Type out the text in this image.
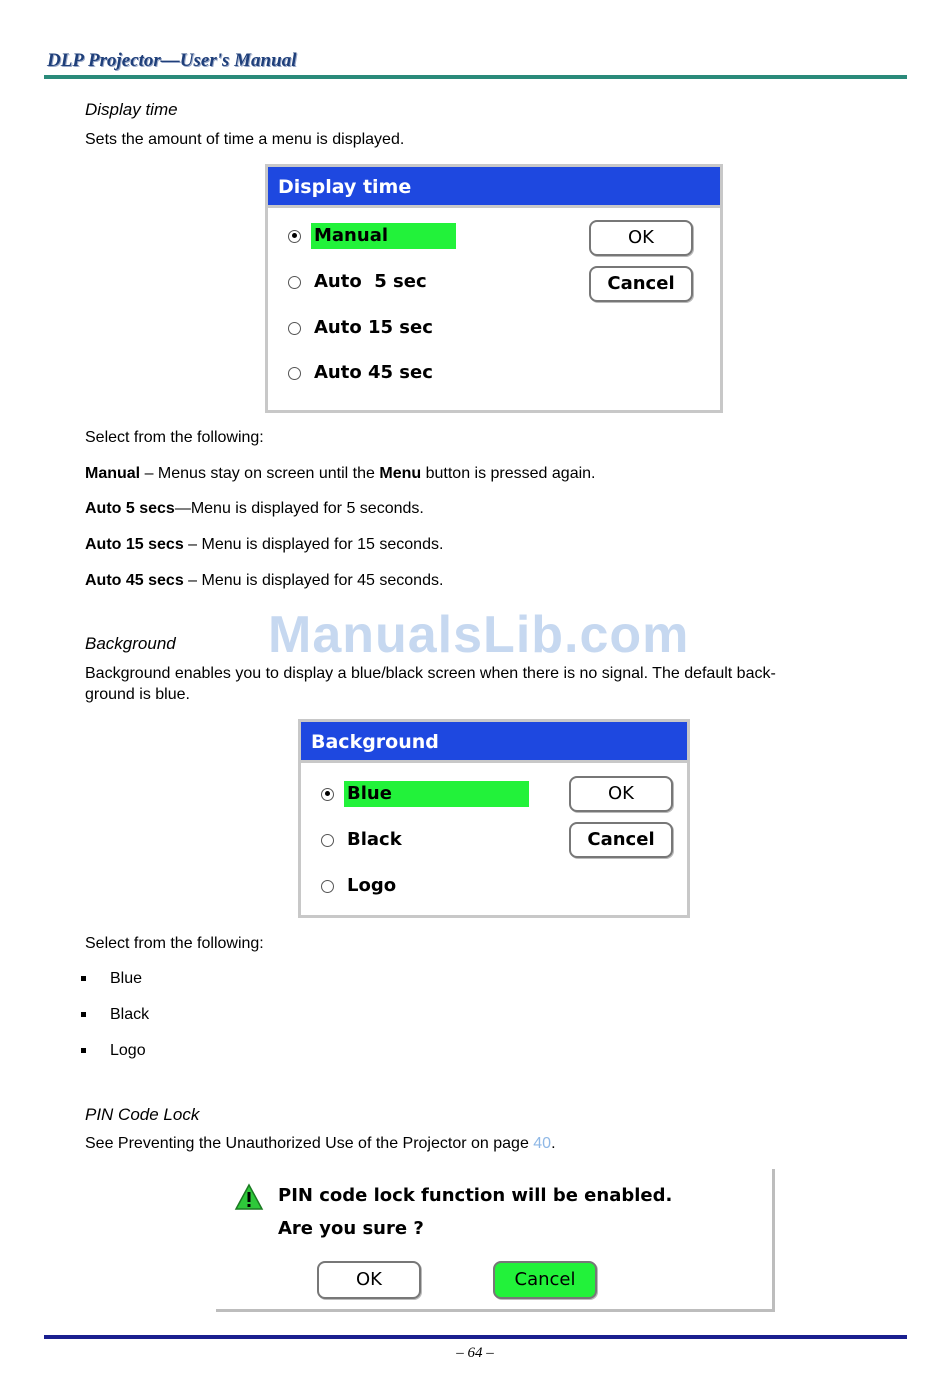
DLP Projector—User's Manual
Display time
Sets the amount of time a menu is displayed.
Display time
Manual
Auto  5 sec
Auto 15 sec
Auto 45 sec
OK
Cancel
Select from the following:
Manual – Menus stay on screen until the Menu button is pressed again.
Auto 5 secs—Menu is displayed for 5 seconds.
Auto 15 secs – Menu is displayed for 15 seconds.
Auto 45 secs – Menu is displayed for 45 seconds.
ManualsLib.com
Background
Background enables you to display a blue/black screen when there is no signal. The default back-
ground is blue.
Background
Blue
Black
Logo
OK
Cancel
Select from the following:
Blue
Black
Logo
PIN Code Lock
See Preventing the Unauthorized Use of the Projector on page 40.
PIN code lock function will be enabled.
Are you sure ?
OK	Cancel
– 64 –
